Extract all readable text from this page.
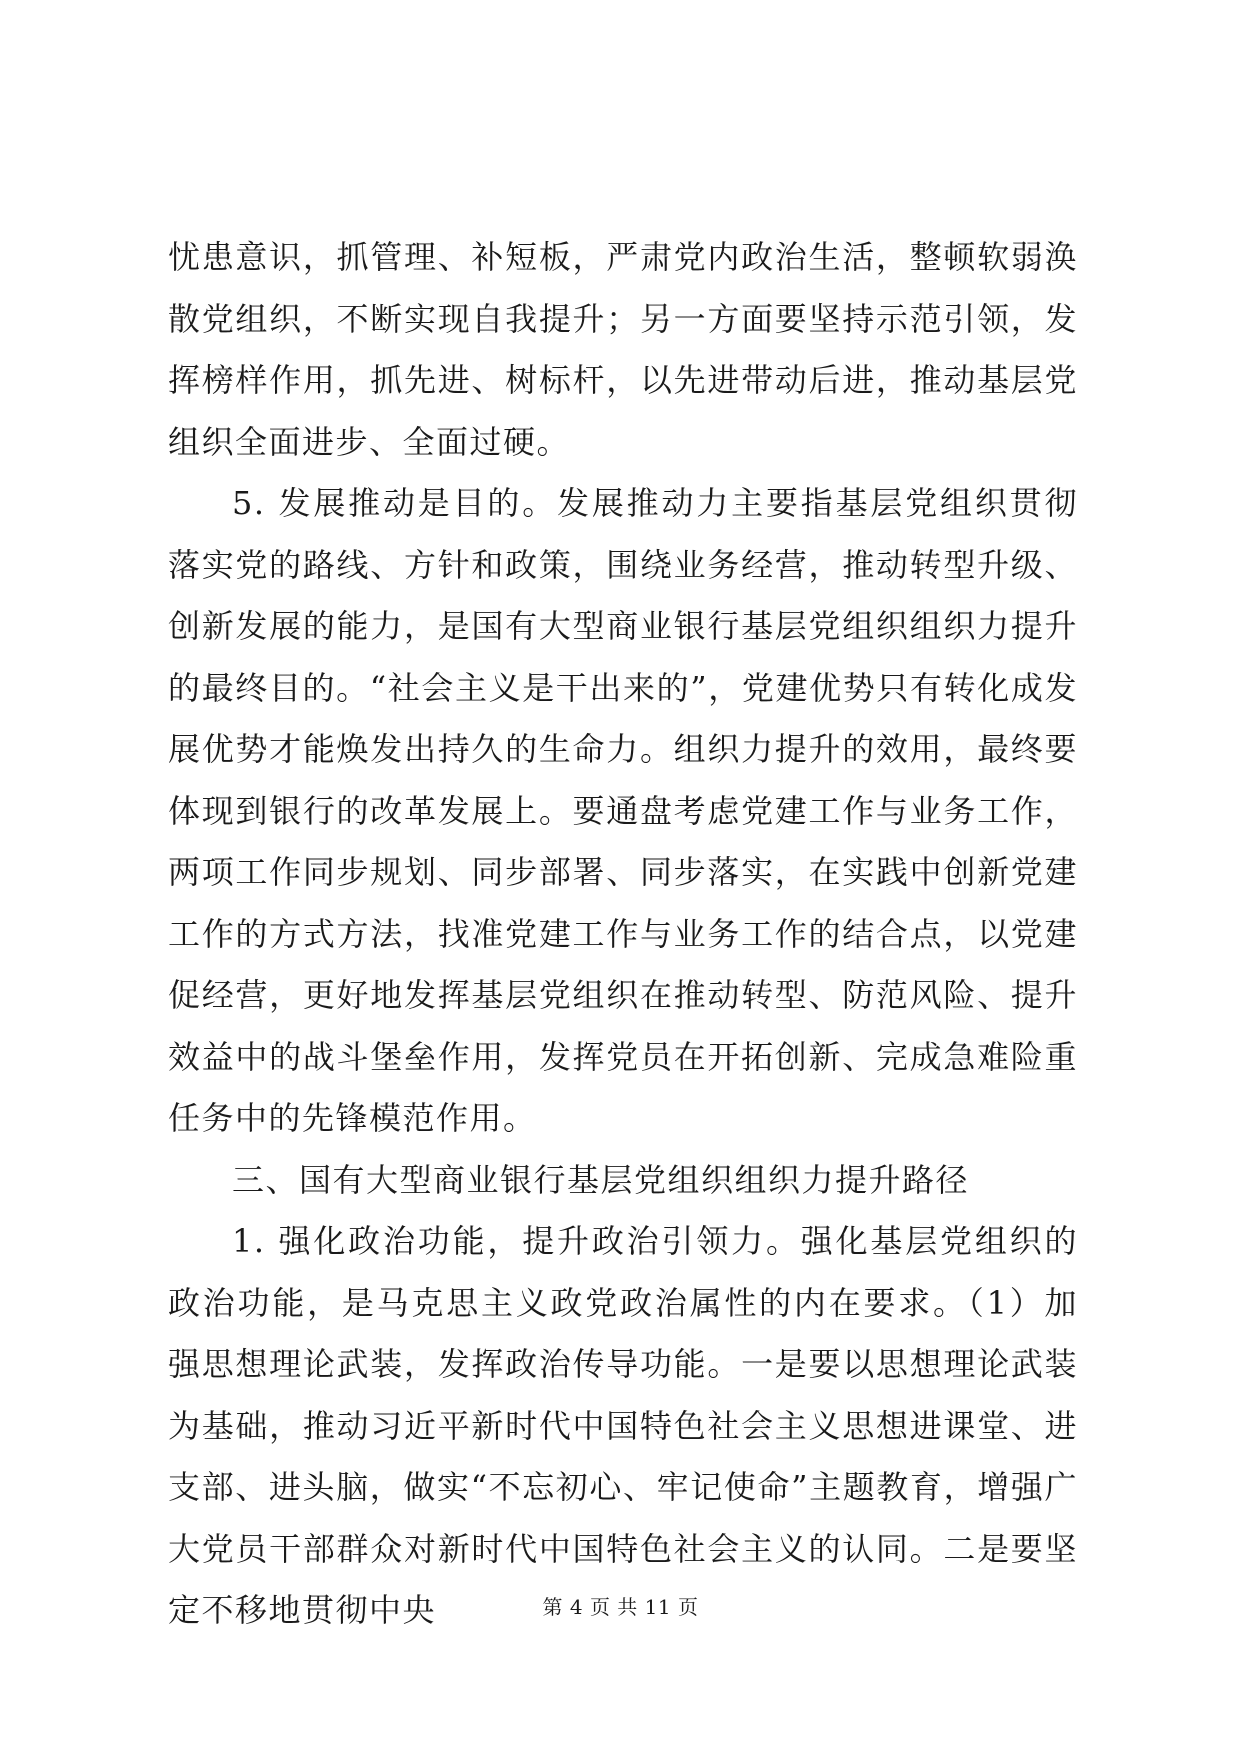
忧患意识，抓管理、补短板，严肃党内政治生活，整顿软弱涣散党组织，不断实现自我提升；另一方面要坚持示范引领，发挥榜样作用，抓先进、树标杆，以先进带动后进，推动基层党组织全面进步、全面过硬。

5. 发展推动是目的。发展推动力主要指基层党组织贯彻落实党的路线、方针和政策，围绕业务经营，推动转型升级、创新发展的能力，是国有大型商业银行基层党组织组织力提升的最终目的。“社会主义是干出来的”，党建优势只有转化成发展优势才能焕发出持久的生命力。组织力提升的效用，最终要体现到银行的改革发展上。要通盘考虑党建工作与业务工作，两项工作同步规划、同步部署、同步落实，在实践中创新党建工作的方式方法，找准党建工作与业务工作的结合点，以党建促经营，更好地发挥基层党组织在推动转型、防范风险、提升效益中的战斗堡垒作用，发挥党员在开拓创新、完成急难险重任务中的先锋模范作用。

三、国有大型商业银行基层党组织组织力提升路径

1. 强化政治功能，提升政治引领力。强化基层党组织的政治功能，是马克思主义政党政治属性的内在要求。（1）加强思想理论武装，发挥政治传导功能。一是要以思想理论武装为基础，推动习近平新时代中国特色社会主义思想进课堂、进支部、进头脑，做实“不忘初心、牢记使命”主题教育，增强广大党员干部群众对新时代中国特色社会主义的认同。二是要坚定不移地贯彻中央	第 4 页 共 11 页
